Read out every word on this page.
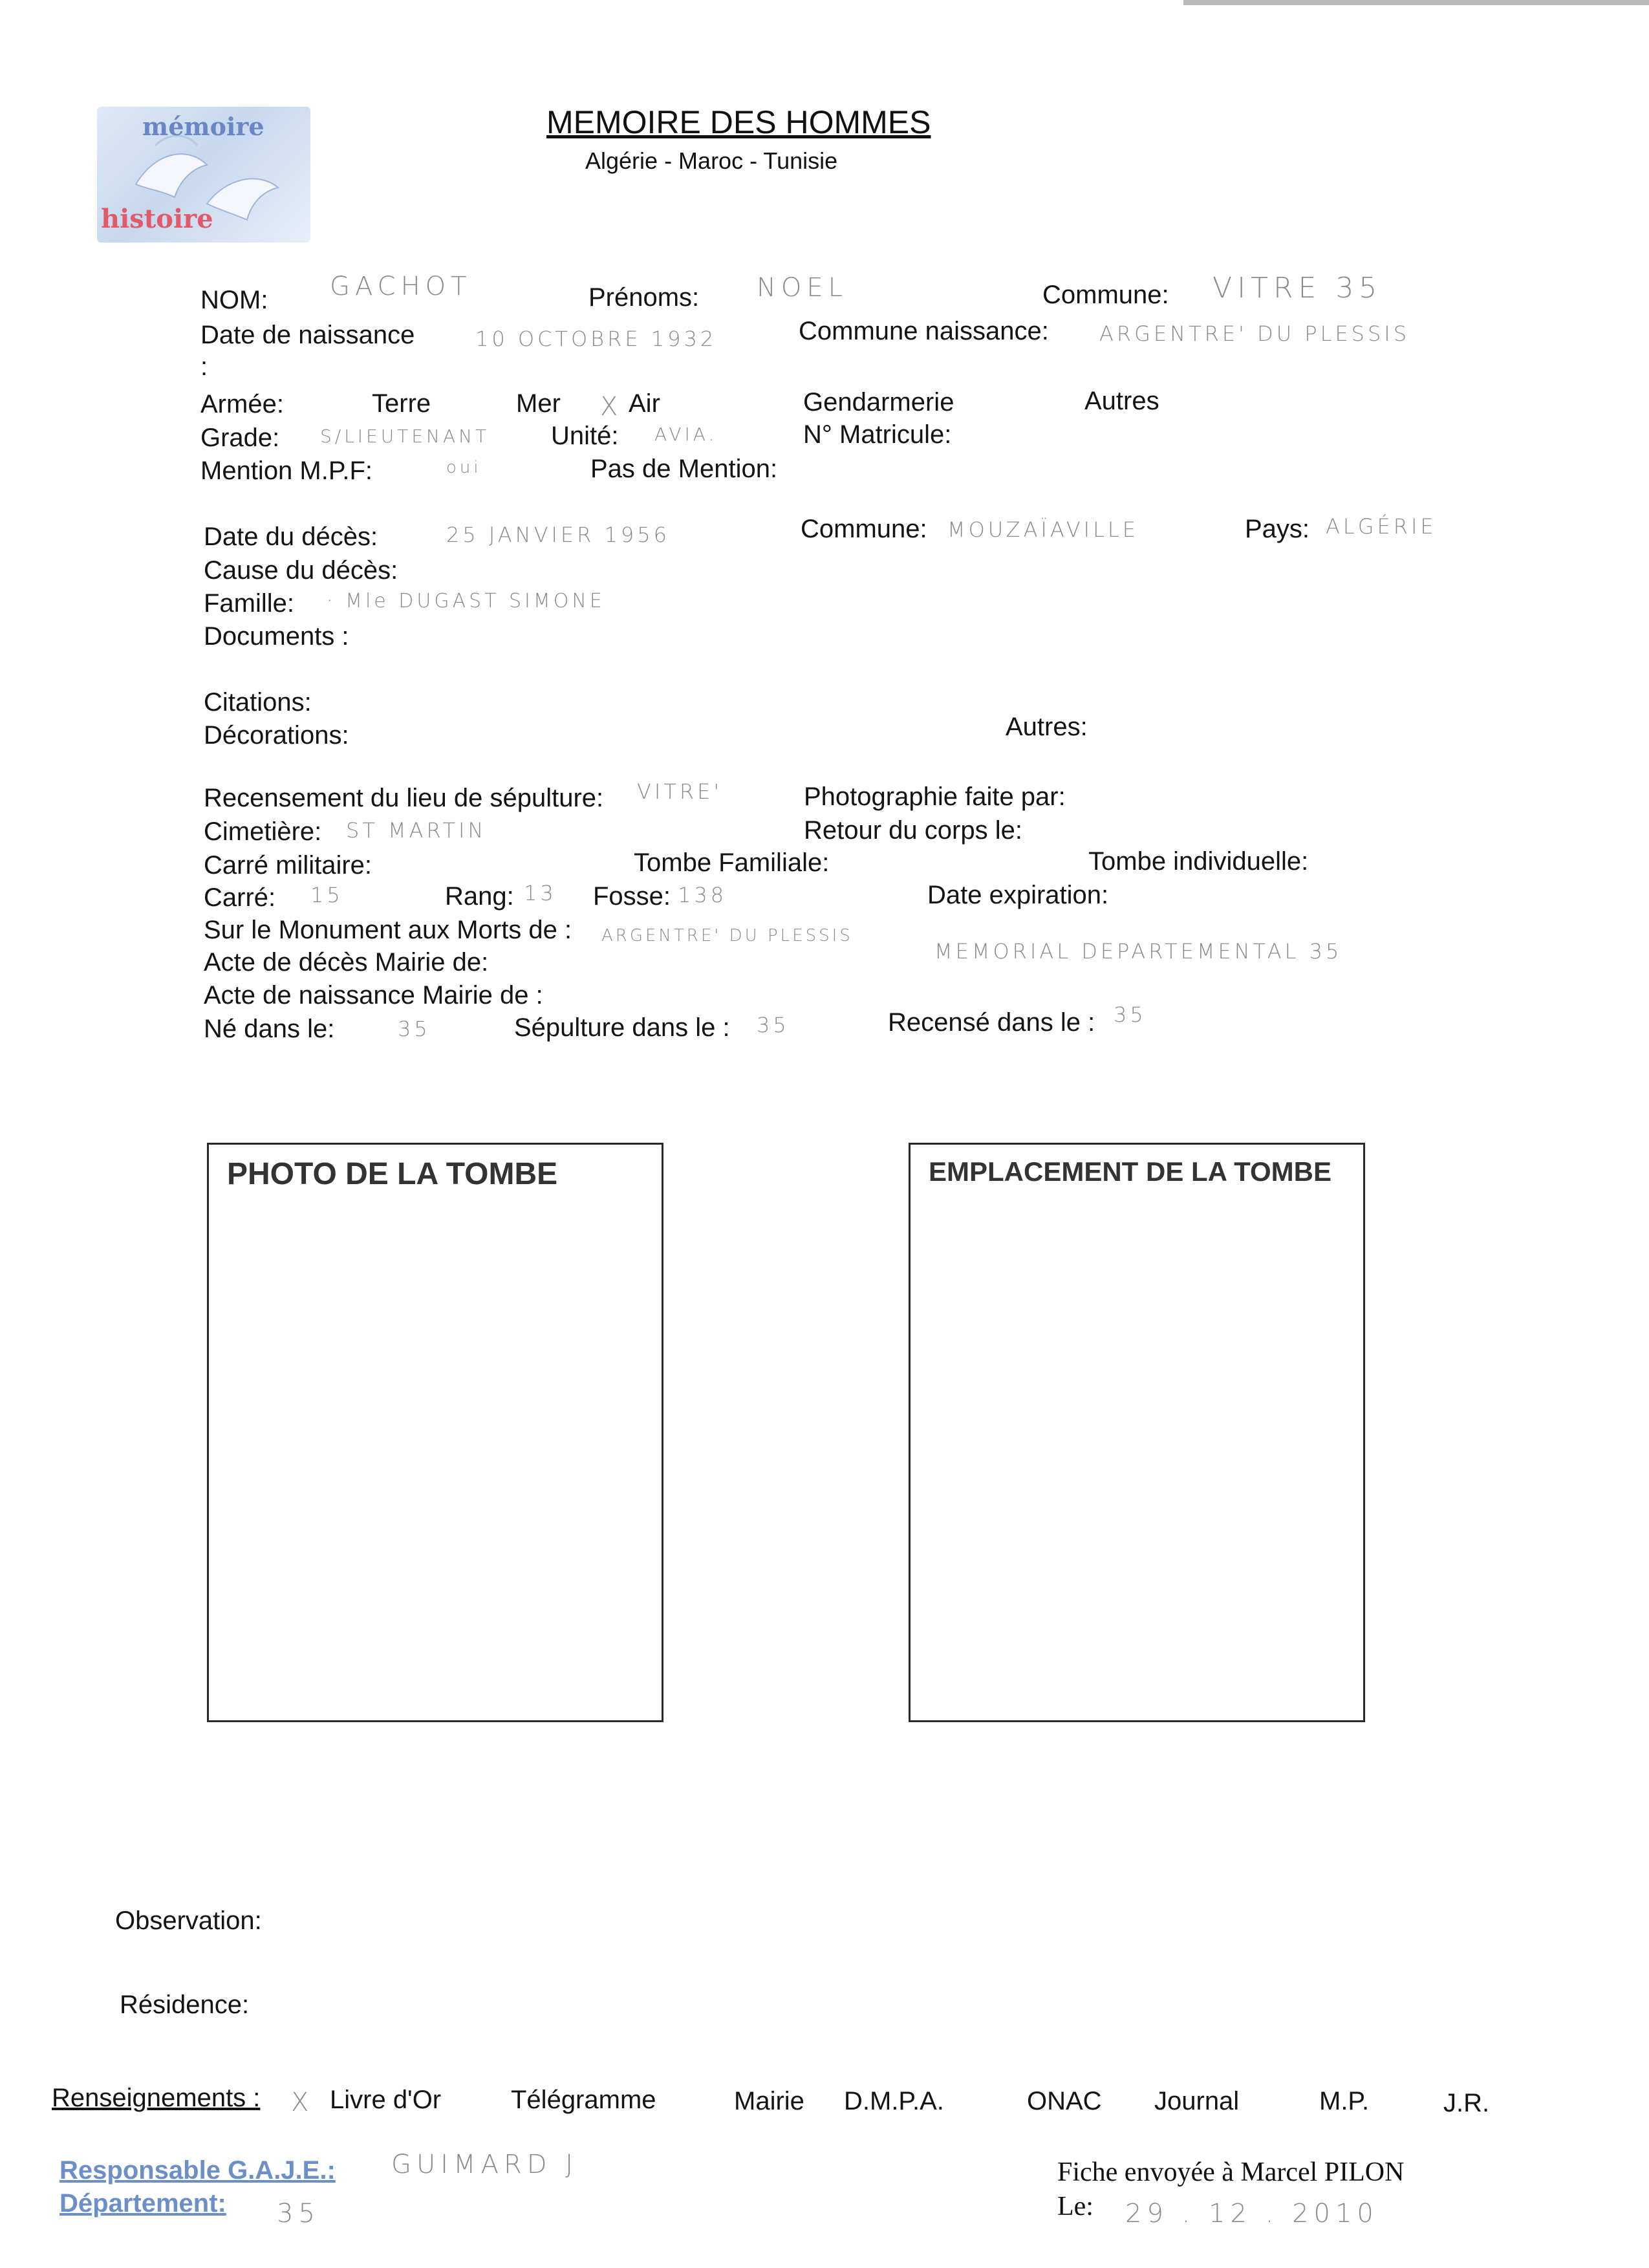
mémoire
histoire
MEMOIRE DES HOMMES
Algérie - Maroc - Tunisie
NOM: GACHOT	Prénoms: NOEL	Commune: VITRE 35
Date de naissance
:
10 OCTOBRE 1932	Commune naissance: ARGENTRE' DU PLESSIS
Armée:	Terre	Mer X Air	Gendarmerie	Autres
Grade: S/LIEUTENANT Unité: AVIA.	N° Matricule:
Mention M.P.F:	oui	Pas de Mention:
Date du décès:	25 JANVIER 1956	Commune: MOUZAÏAVILLE	Pays: ALGÉRIE
Cause du décès:
Famille: · Mle DUGAST SIMONE
Documents :
Citations:
Décorations:	Autres:
Recensement du lieu de sépulture: VITRE'	Photographie faite par:
Cimetière: ST MARTIN	Retour du corps le:
Carré militaire:	Tombe Familiale:	Tombe individuelle:
Carré: 15	Rang: 13 Fosse: 138	Date expiration:
Sur le Monument aux Morts de : ARGENTRE' DU PLESSIS
Acte de décès Mairie de:	MEMORIAL DEPARTEMENTAL 35
Acte de naissance Mairie de :
Né dans le:	35	Sépulture dans le : 35	Recensé dans le : 35
PHOTO DE LA TOMBE	EMPLACEMENT DE LA TOMBE
Observation:
Résidence:
Renseignements : X Livre d'Or	Télégramme	Mairie D.M.P.A.	ONAC Journal	M.P.	J.R.
Responsable G.A.J.E.: GUIMARD J
Département: 35
Fiche envoyée à Marcel PILON
Le: 29 . 12 . 2010
